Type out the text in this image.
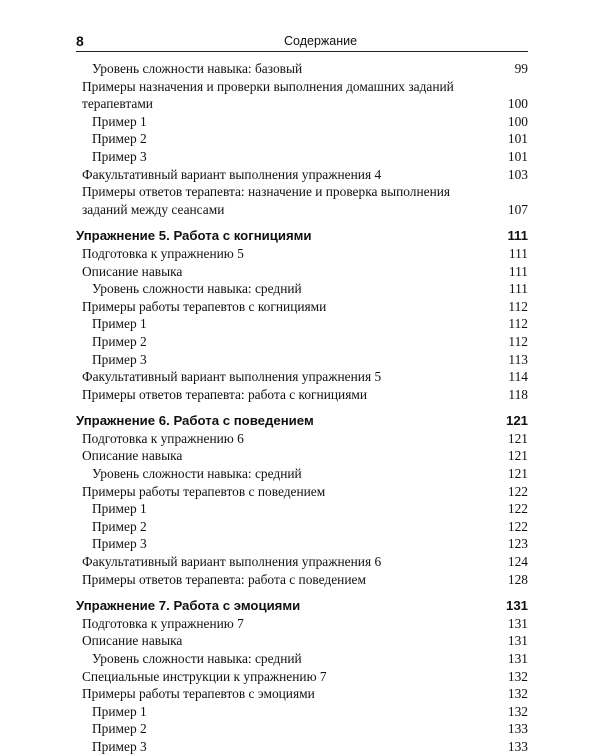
8	Содержание
Уровень сложности навыка: базовый	99
Примеры назначения и проверки выполнения домашних заданий терапевтами	100
Пример 1	100
Пример 2	101
Пример 3	101
Факультативный вариант выполнения упражнения 4	103
Примеры ответов терапевта: назначение и проверка выполнения заданий между сеансами	107
Упражнение 5. Работа с когнициями	111
Подготовка к упражнению 5	111
Описание навыка	111
Уровень сложности навыка: средний	111
Примеры работы терапевтов с когнициями	112
Пример 1	112
Пример 2	112
Пример 3	113
Факультативный вариант выполнения упражнения 5	114
Примеры ответов терапевта: работа с когнициями	118
Упражнение 6. Работа с поведением	121
Подготовка к упражнению 6	121
Описание навыка	121
Уровень сложности навыка: средний	121
Примеры работы терапевтов с поведением	122
Пример 1	122
Пример 2	122
Пример 3	123
Факультативный вариант выполнения упражнения 6	124
Примеры ответов терапевта: работа с поведением	128
Упражнение 7. Работа с эмоциями	131
Подготовка к упражнению 7	131
Описание навыка	131
Уровень сложности навыка: средний	131
Специальные инструкции к упражнению 7	132
Примеры работы терапевтов с эмоциями	132
Пример 1	132
Пример 2	133
Пример 3	133
